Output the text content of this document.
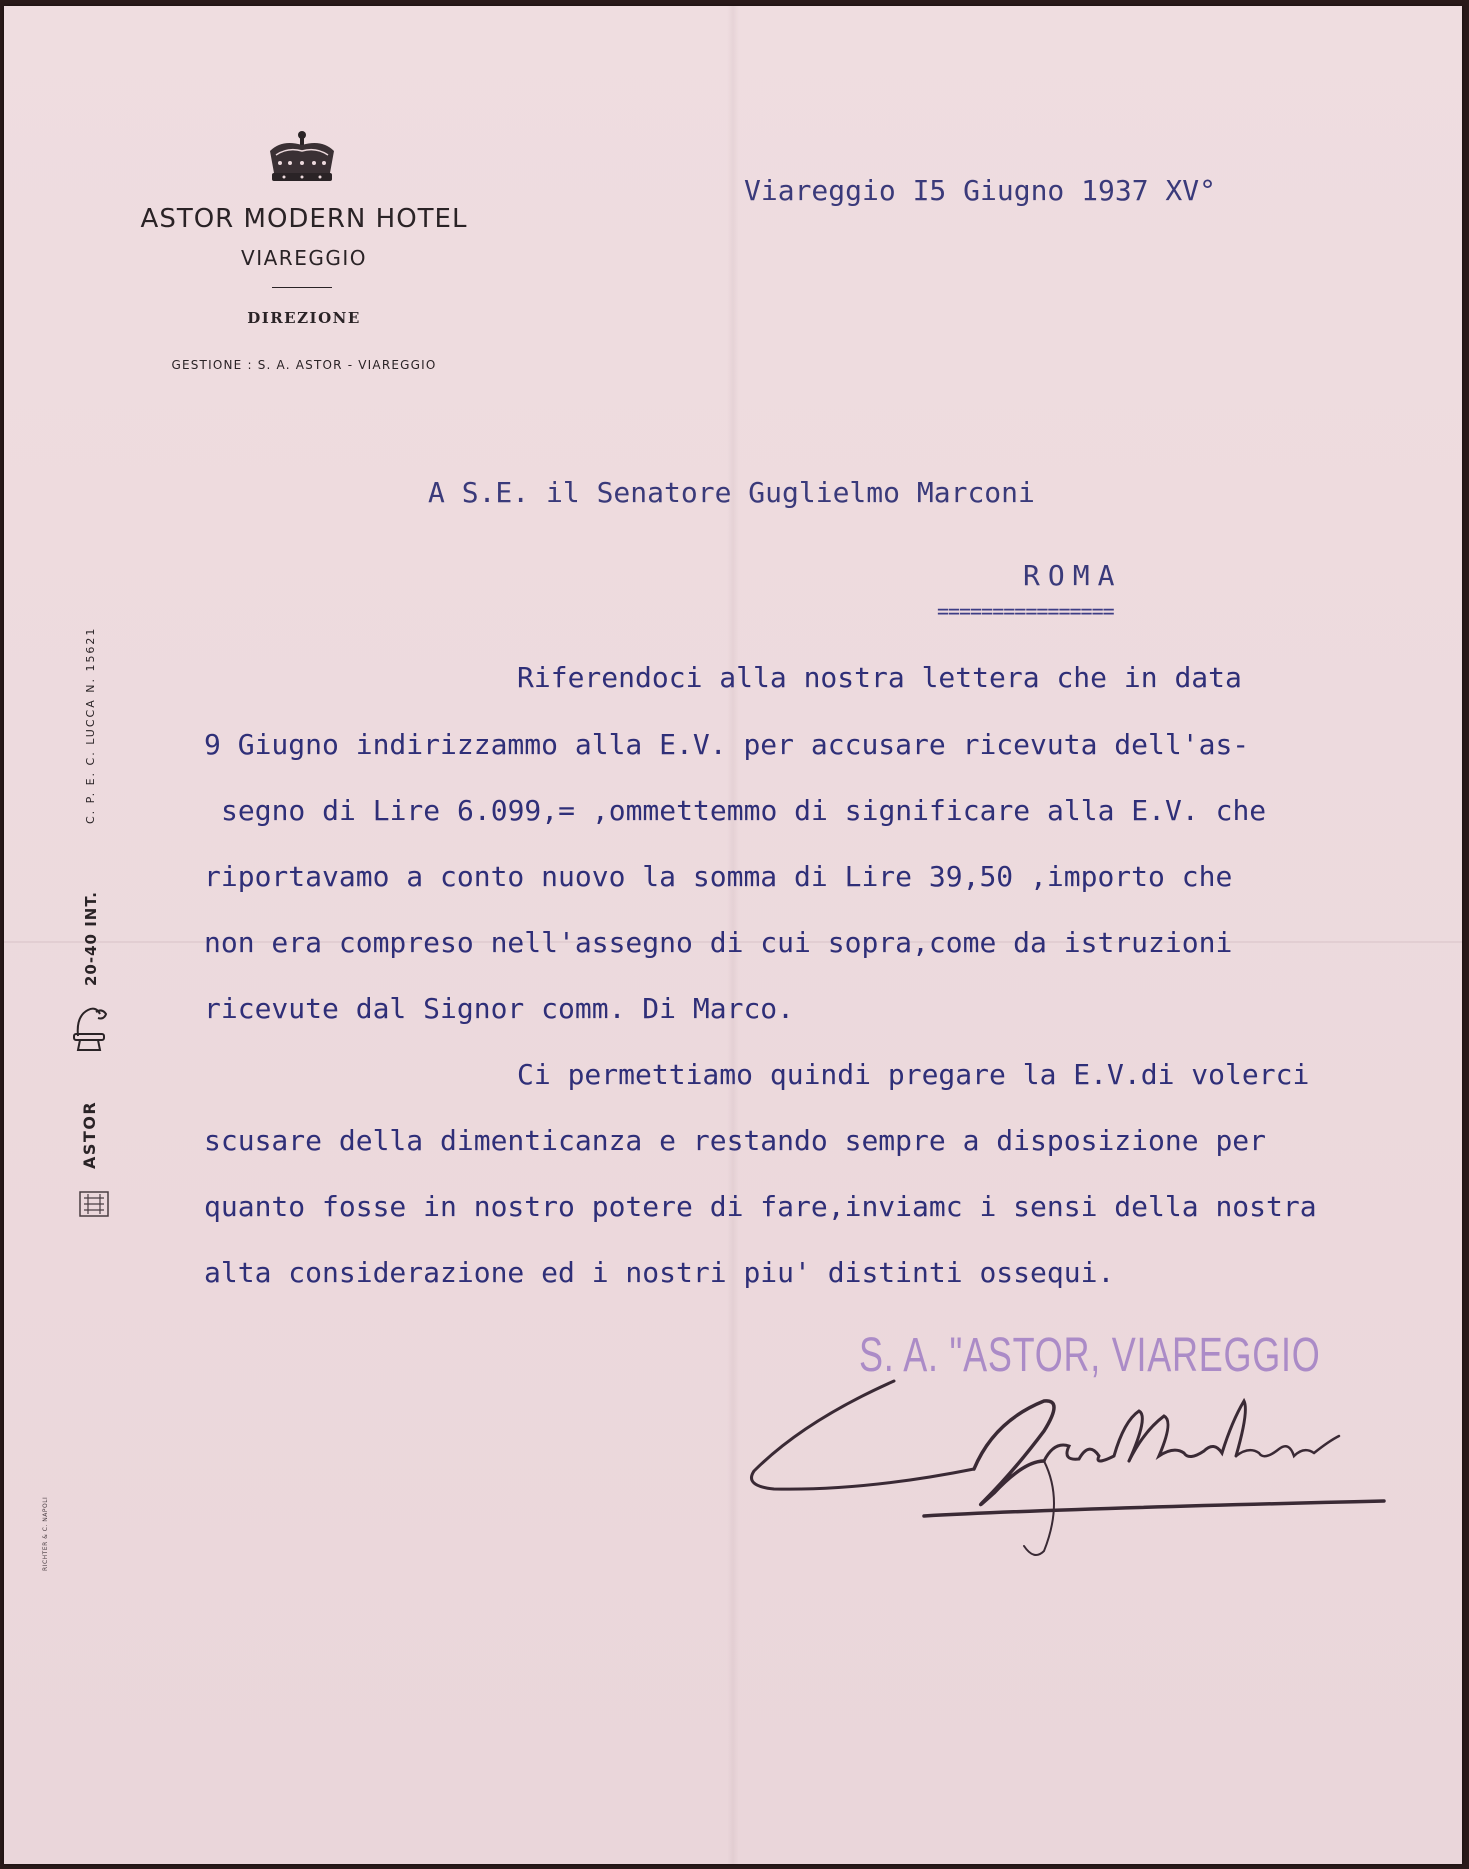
ASTOR MODERN HOTEL
VIAREGGIO
DIREZIONE
GESTIONE : S. A. ASTOR - VIAREGGIO
C. P. E. C. LUCCA N. 15621
20-40 INT.
ASTOR
RICHTER & C. NAPOLI
Viareggio I5 Giugno 1937 XV°
A S.E. il Senatore Guglielmo Marconi
ROMA
================
Riferendoci alla nostra lettera che in data
9 Giugno indirizzammo alla E.V. per accusare ricevuta dell'as-
segno di Lire 6.099,= ,ommettemmo di significare alla E.V. che
riportavamo a conto nuovo la somma di Lire 39,50 ,importo che
non era compreso nell'assegno di cui sopra,come da istruzioni
ricevute dal Signor comm. Di Marco.
Ci permettiamo quindi pregare la E.V.di volerci
scusare della dimenticanza e restando sempre a disposizione per
quanto fosse in nostro potere di fare,inviamc i sensi della nostra
alta considerazione ed i nostri piu' distinti ossequi.
S. A. "ASTOR, VIAREGGIO
